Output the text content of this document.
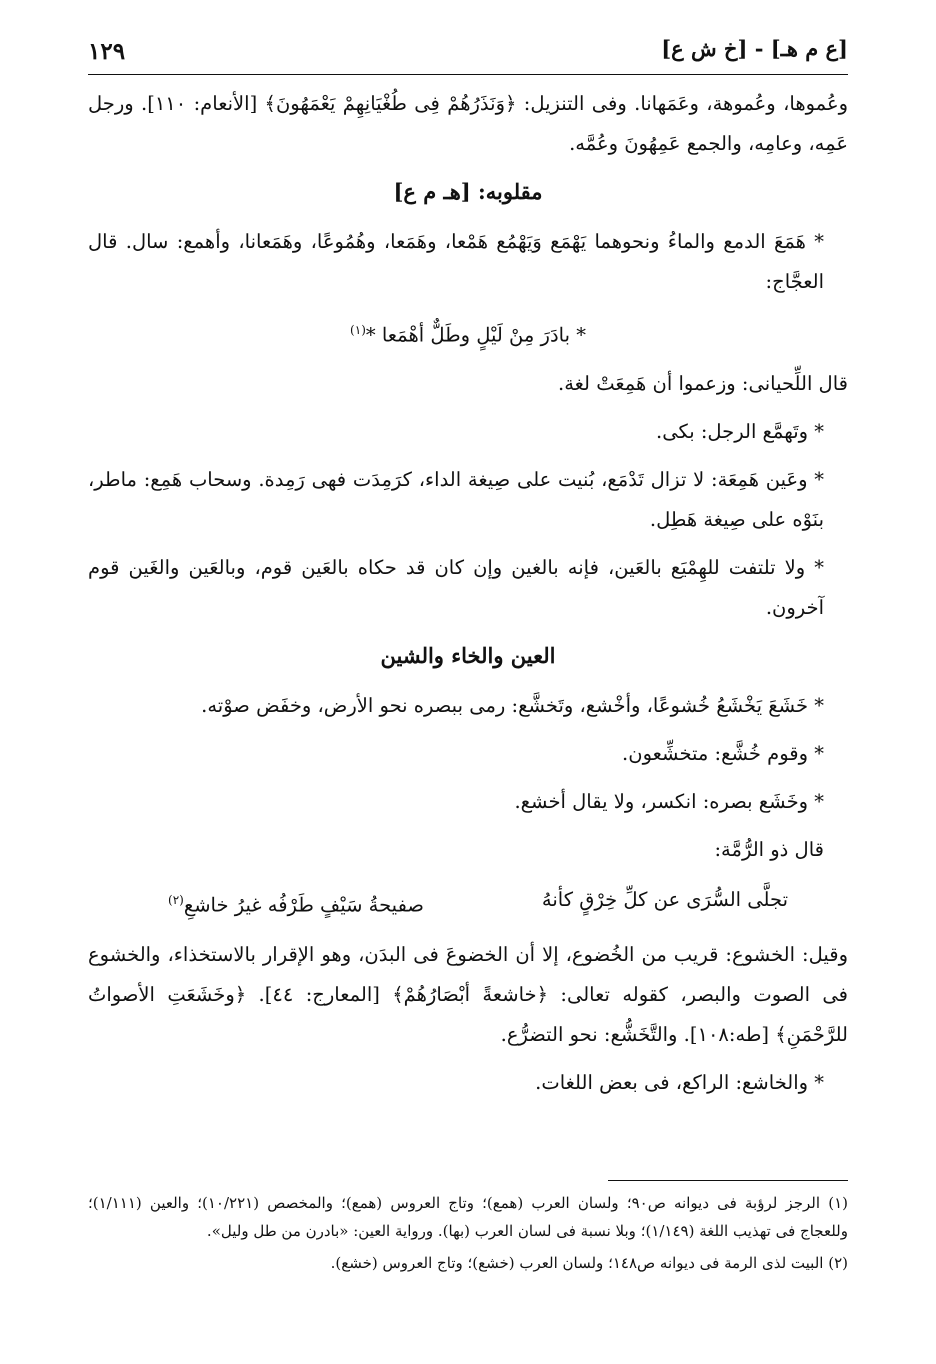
[ع م هـ] - [خ ش ع]
١٢٩

وعُموها، وعُموهة، وعَمَهانا. وفى التنزيل: ﴿وَنَذَرُهُمْ فِى طُغْيَانِهِمْ يَعْمَهُونَ﴾ [الأنعام: ١١٠]. ورجل عَمِه، وعامِه، والجمع عَمِهُونَ وعُمَّه.

مقلوبه: [هـ م ع]

* هَمَعَ الدمع والماءُ ونحوهما يَهْمَع وَيَهْمُع هَمْعا، وهَمَعا، وهُمُوعًا، وهَمَعانا، وأهمع: سال. قال العجَّاج:

* بادَرَ مِنْ لَيْلٍ وطَلٌّ أهْمَعا *$^{(١)}$

قال اللِّحيانى: وزعموا أن هَمِعَتْ لغة.

* وتَهمَّع الرجل: بكى.

* وعَين هَمِعَة: لا تزال تَدْمَع، بُنيت على صِيغة الداء، كرَمِدَت فهى رَمِدة. وسحاب هَمِع: ماطر، بنَوْه على صِيغة هَطِل.

* ولا تلتفت للهِمْيَع بالعَين، فإنه بالغين وإن كان قد حكاه بالعَين قوم، وبالعَين والغَين قوم آخرون.

العين والخاء والشين

* خَشَعَ يَخْشَعُ خُشوعًا، وأخْشع، وتَخشَّع: رمى ببصره نحو الأرض، وخفَض صوْته.

* وقوم خُشَّع: متخشِّعون.

* وخَشَع بصره: انكسر، ولا يقال أخشع.

قال ذو الرُّمَّة:

تجلَّى السُّرَى عن كلِّ خِرْقٍ كأنهُ
صفيحةُ سَيْفٍ طَرْفُه غيرُ خاشعِ$^{(٢)}$

وقيل: الخشوع: قريب من الخُضوع، إلا أن الخضوعَ فى البدَن، وهو الإقرار بالاستخذاء، والخشوع فى الصوت والبصر، كقوله تعالى: ﴿خاشعةً أبْصَارُهُمْ﴾ [المعارج: ٤٤]. ﴿وخَشَعَتِ الأصواتُ للرَّحْمَنِ﴾ [طه:١٠٨]. والتَّخَشُّع: نحو التضرُّع.

* والخاشع: الراكع، فى بعض اللغات.

(١) الرجز لرؤبة فى ديوانه ص٩٠؛ ولسان العرب (همع)؛ وتاج العروس (همع)؛ والمخصص (١٠/٢٢١)؛ والعين (١/١١١)؛ وللعجاج فى تهذيب اللغة (١/١٤٩)؛ وبلا نسبة فى لسان العرب (بها). ورواية العين: «بادرن من طل وليل».

(٢) البيت لذى الرمة فى ديوانه ص١٤٨؛ ولسان العرب (خشع)؛ وتاج العروس (خشع).
